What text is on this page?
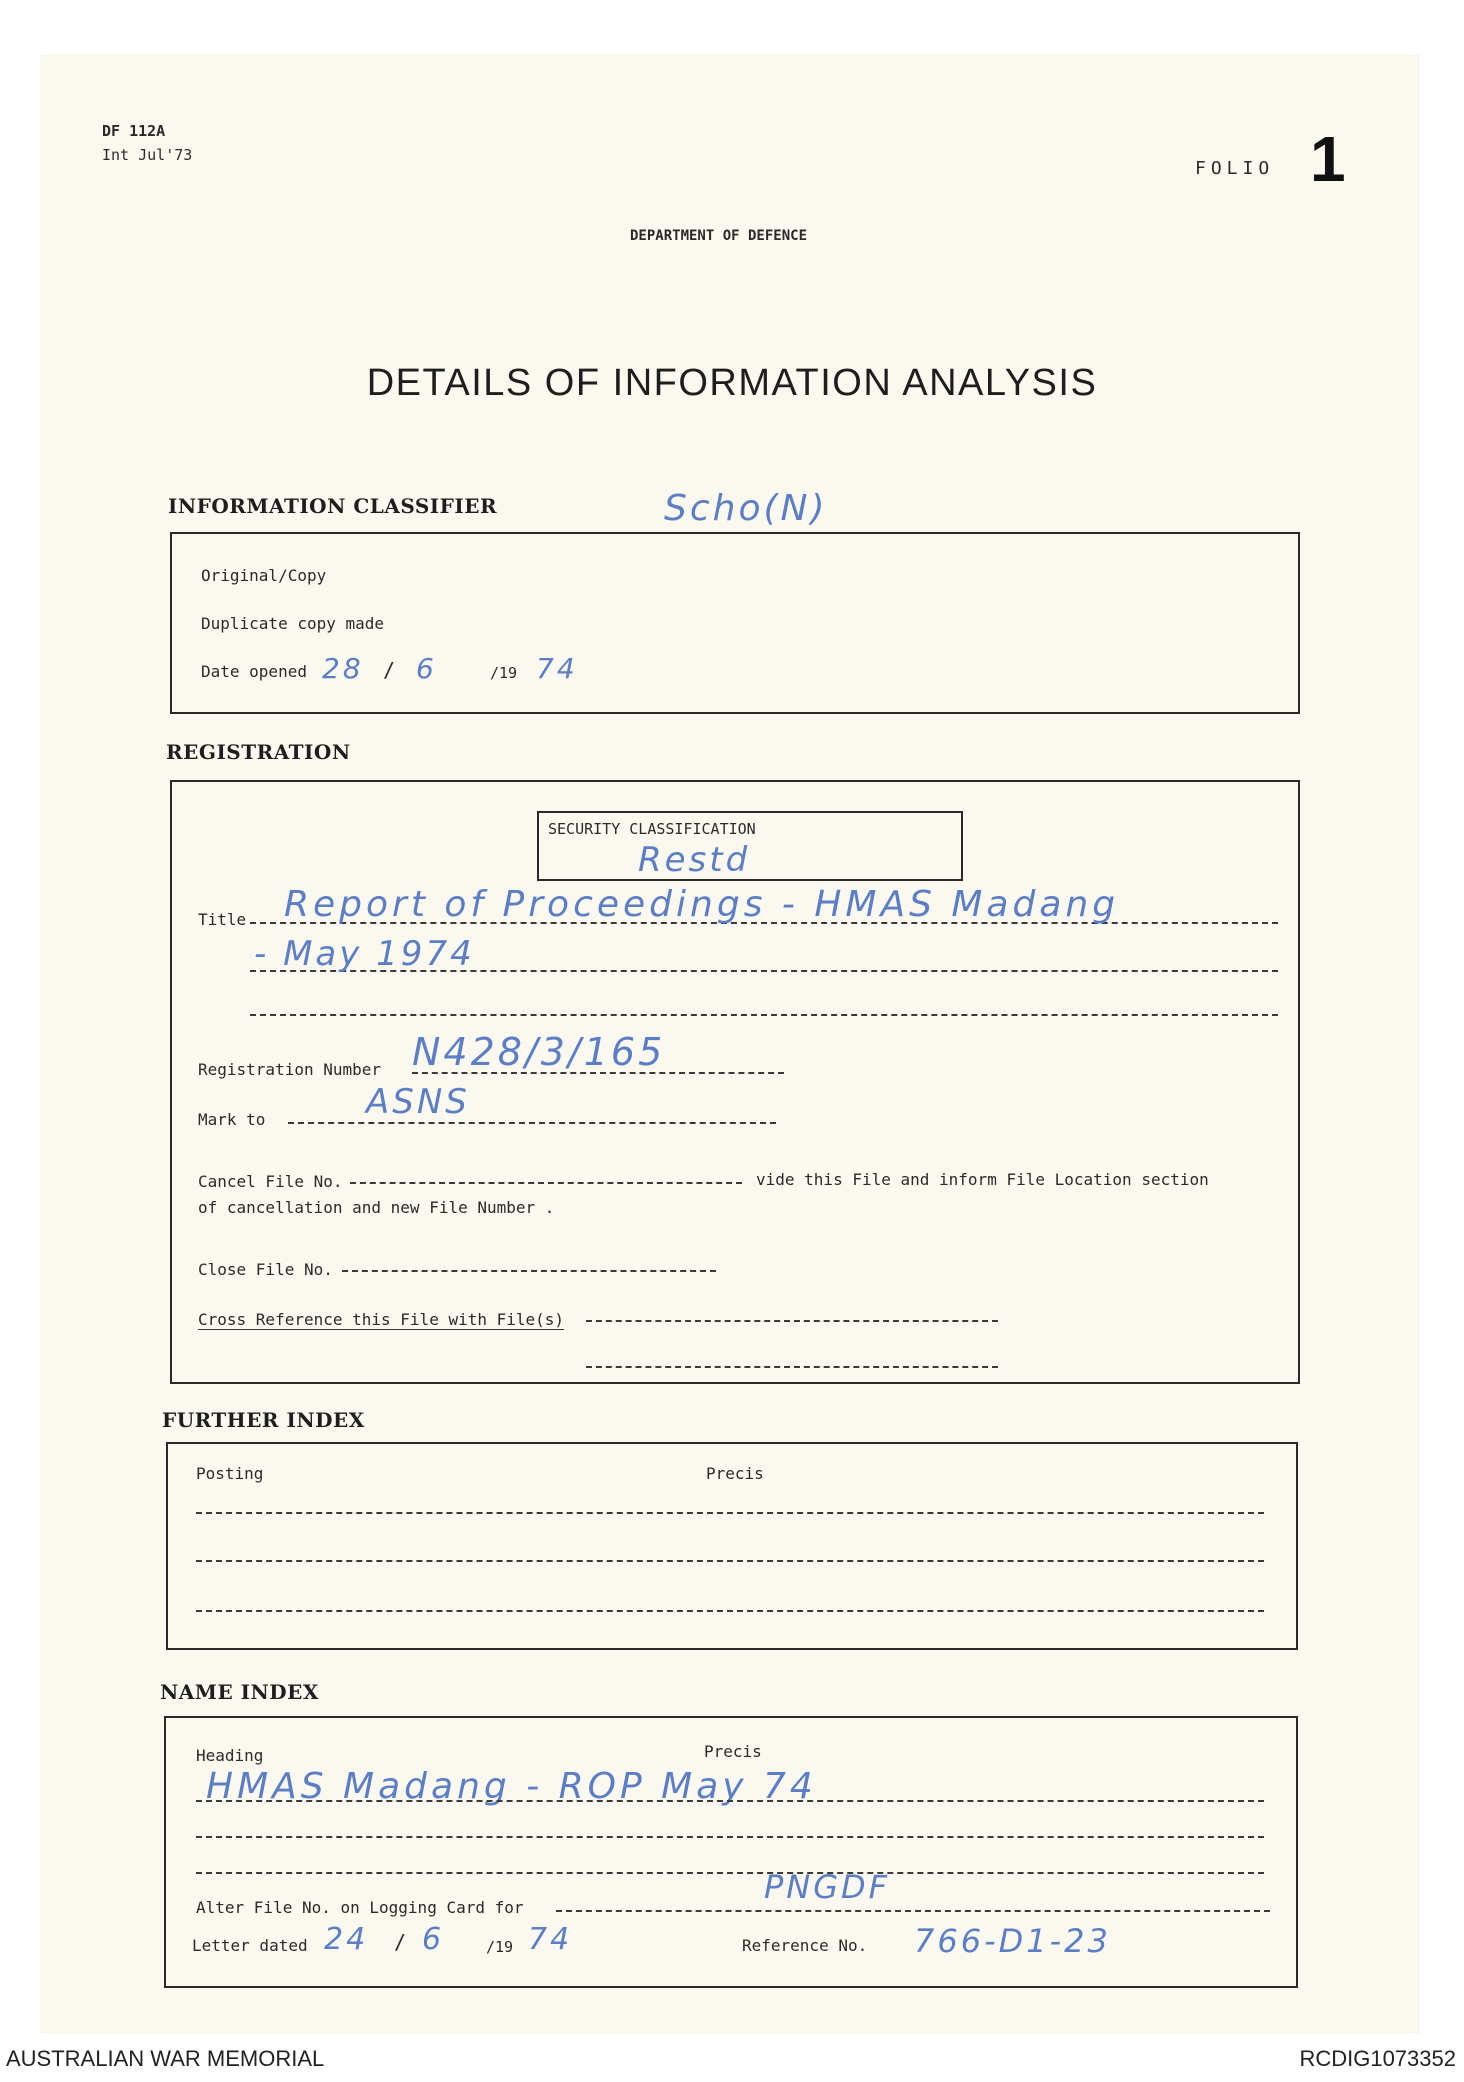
DF 112A
Int Jul'73
FOLIO 1
DEPARTMENT OF DEFENCE
DETAILS OF INFORMATION ANALYSIS
INFORMATION CLASSIFIER	Scho(N)
Original/Copy
Duplicate copy made
Date opened 28 / 6	/19 74
REGISTRATION
SECURITY CLASSIFICATION
Restd
Title Report of Proceedings - HMAS Madang
- May 1974
Registration Number N428/3/165
Mark to	ASNS
Cancel File No.	vide this File and inform File Location section
of cancellation and new File Number .
Close File No.
Cross Reference this File with File(s)
FURTHER INDEX
Posting	Precis
NAME INDEX
Heading	Precis
HMAS Madang - ROP May 74
Alter File No. on Logging Card for
PNGDF
Letter dated 24 / 6	/19 74	Reference No. 766-D1-23
AUSTRALIAN WAR MEMORIAL	RCDIG1073352
